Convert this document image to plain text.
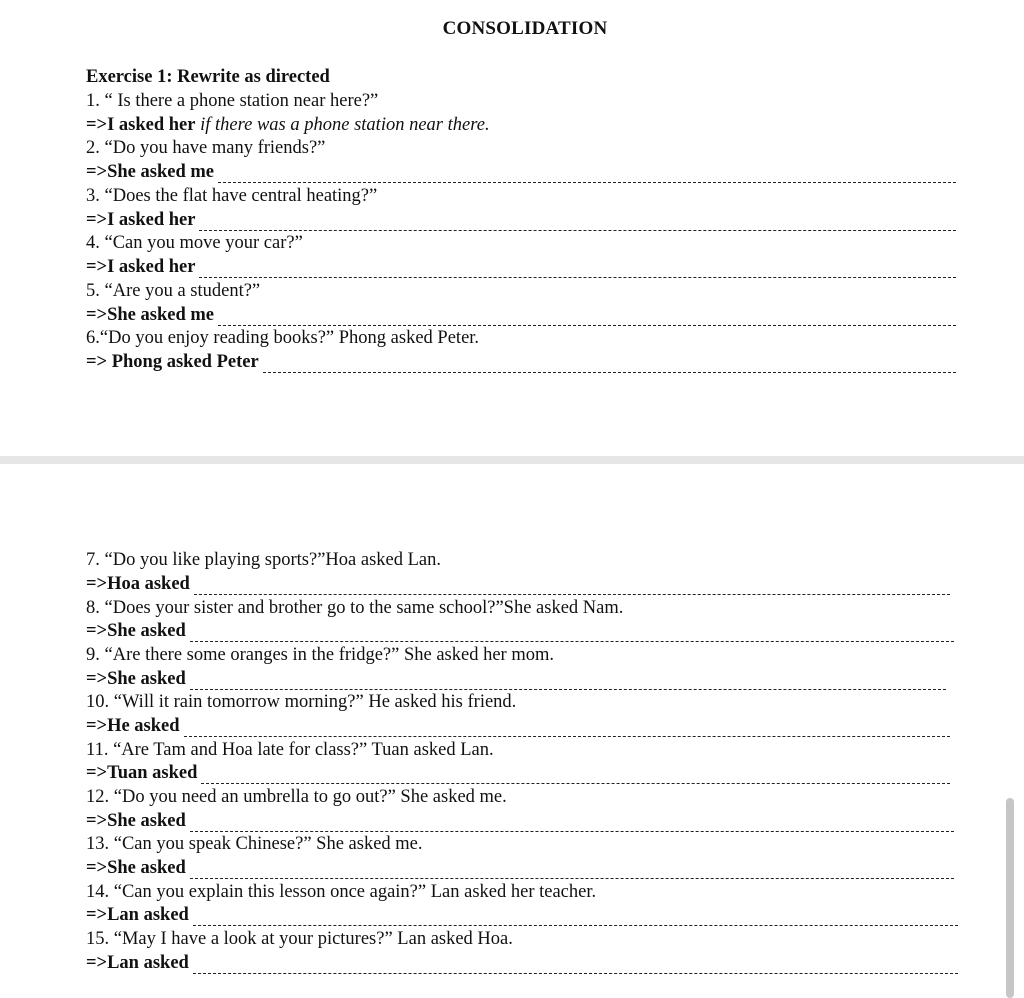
CONSOLIDATION
Exercise 1: Rewrite as directed
1. “ Is there a phone station near here?”
=>I asked her if there was a phone station near there.
2. “Do you have many friends?”
=>She asked me
3. “Does the flat have central heating?”
=>I asked her
4. “Can you move your car?”
=>I asked her
5. “Are you a student?”
=>She asked me
6.“Do you enjoy reading books?” Phong asked Peter.
=> Phong asked Peter
7. “Do you like playing sports?”Hoa asked Lan.
=>Hoa asked
8. “Does your sister and brother go to the same school?”She asked Nam.
=>She asked
9. “Are there some oranges in the fridge?” She asked her mom.
=>She asked
10. “Will it rain tomorrow morning?” He asked his friend.
=>He asked
11. “Are Tam and Hoa late for class?” Tuan asked Lan.
=>Tuan asked
12. “Do you need an umbrella to go out?” She asked me.
=>She asked
13. “Can you speak Chinese?” She asked me.
=>She asked
14. “Can you explain this lesson once again?” Lan asked her teacher.
=>Lan asked
15. “May I have a look at your pictures?” Lan asked Hoa.
=>Lan asked
